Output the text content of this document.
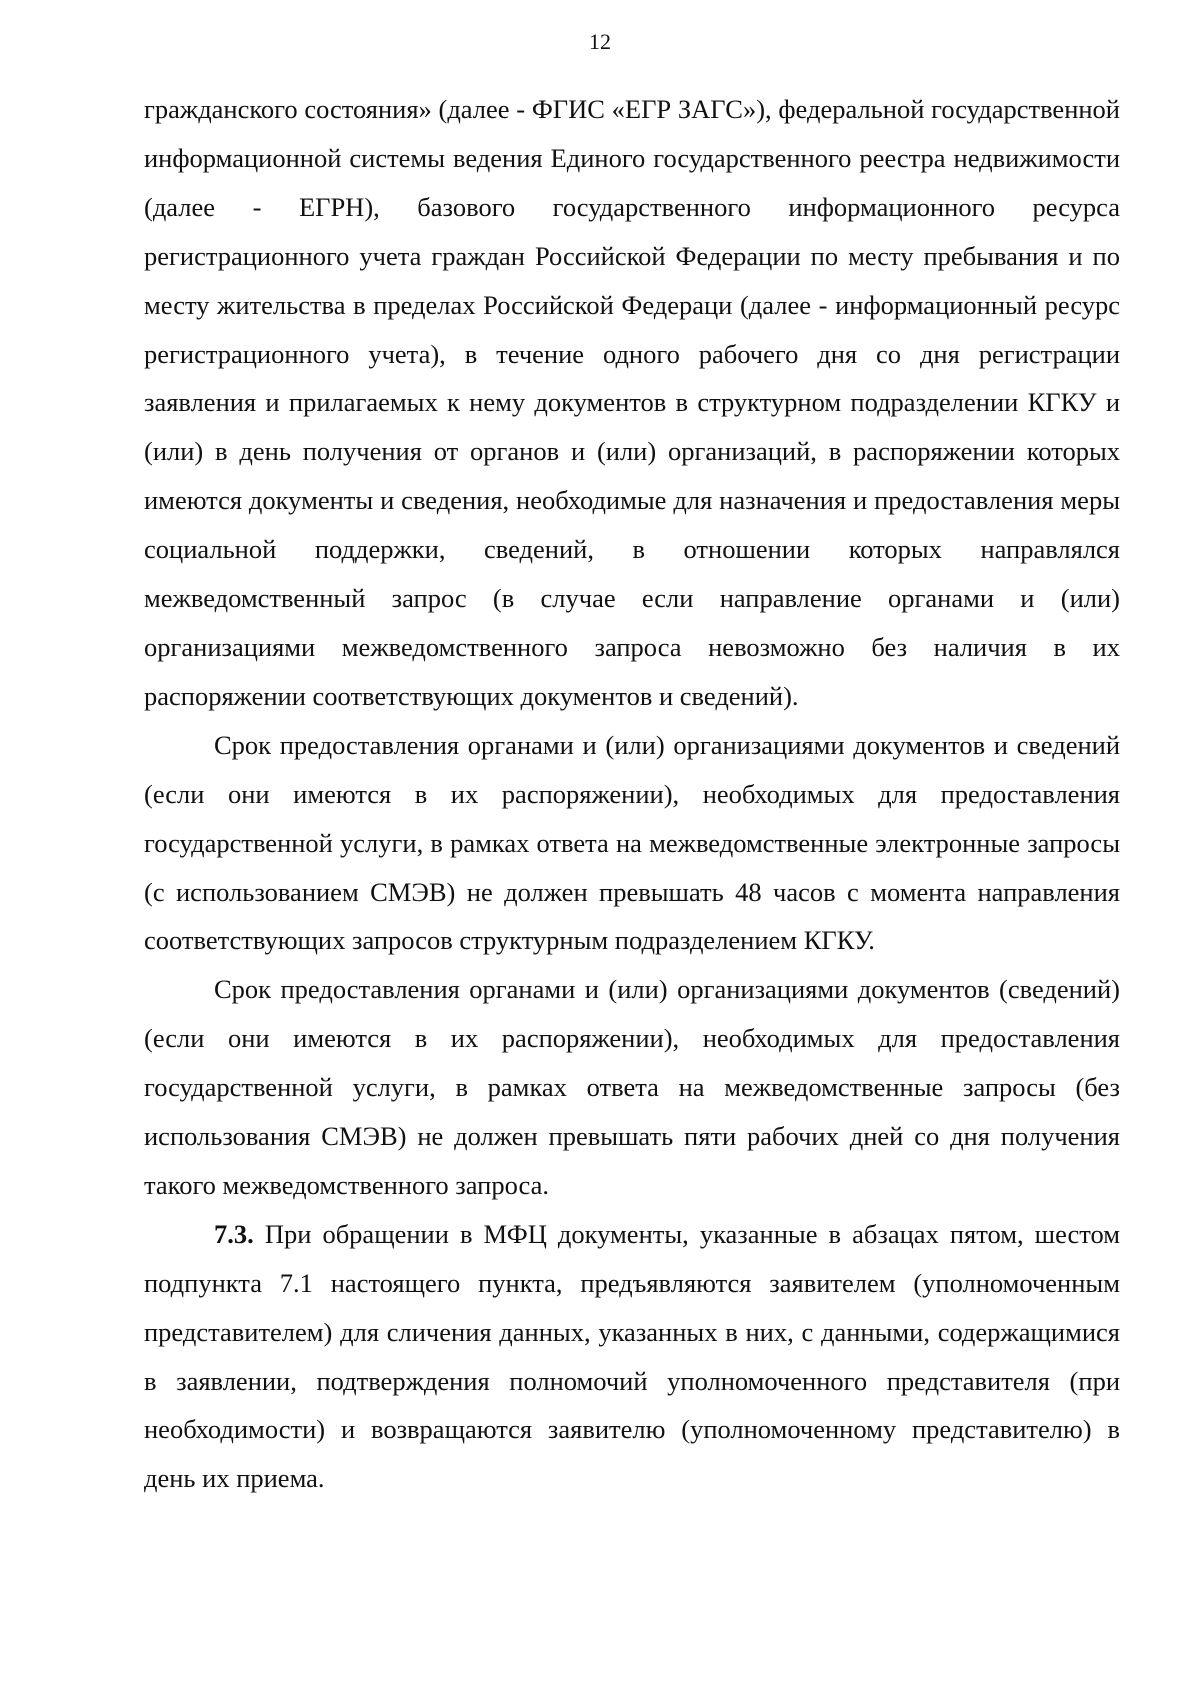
12

гражданского состояния» (далее - ФГИС «ЕГР ЗАГС»), федеральной государственной информационной системы ведения Единого государственного реестра недвижимости (далее - ЕГРН), базового государственного информационного ресурса регистрационного учета граждан Российской Федерации по месту пребывания и по месту жительства в пределах Российской Федераци (далее - информационный ресурс регистрационного учета), в течение одного рабочего дня со дня регистрации заявления и прилагаемых к нему документов в структурном подразделении КГКУ и (или) в день получения от органов и (или) организаций, в распоряжении которых имеются документы и сведения, необходимые для назначения и предоставления меры социальной поддержки, сведений, в отношении которых направлялся межведомственный запрос (в случае если направление органами и (или) организациями межведомственного запроса невозможно без наличия в их распоряжении соответствующих документов и сведений).

Срок предоставления органами и (или) организациями документов и сведений (если они имеются в их распоряжении), необходимых для предоставления государственной услуги, в рамках ответа на межведомственные электронные запросы (с использованием СМЭВ) не должен превышать 48 часов с момента направления соответствующих запросов структурным подразделением КГКУ.

Срок предоставления органами и (или) организациями документов (сведений) (если они имеются в их распоряжении), необходимых для предоставления государственной услуги, в рамках ответа на межведомственные запросы (без использования СМЭВ) не должен превышать пяти рабочих дней со дня получения такого межведомственного запроса.

7.3. При обращении в МФЦ документы, указанные в абзацах пятом, шестом подпункта 7.1 настоящего пункта, предъявляются заявителем (уполномоченным представителем) для сличения данных, указанных в них, с данными, содержащимися в заявлении, подтверждения полномочий уполномоченного представителя (при необходимости) и возвращаются заявителю (уполномоченному представителю) в день их приема.
